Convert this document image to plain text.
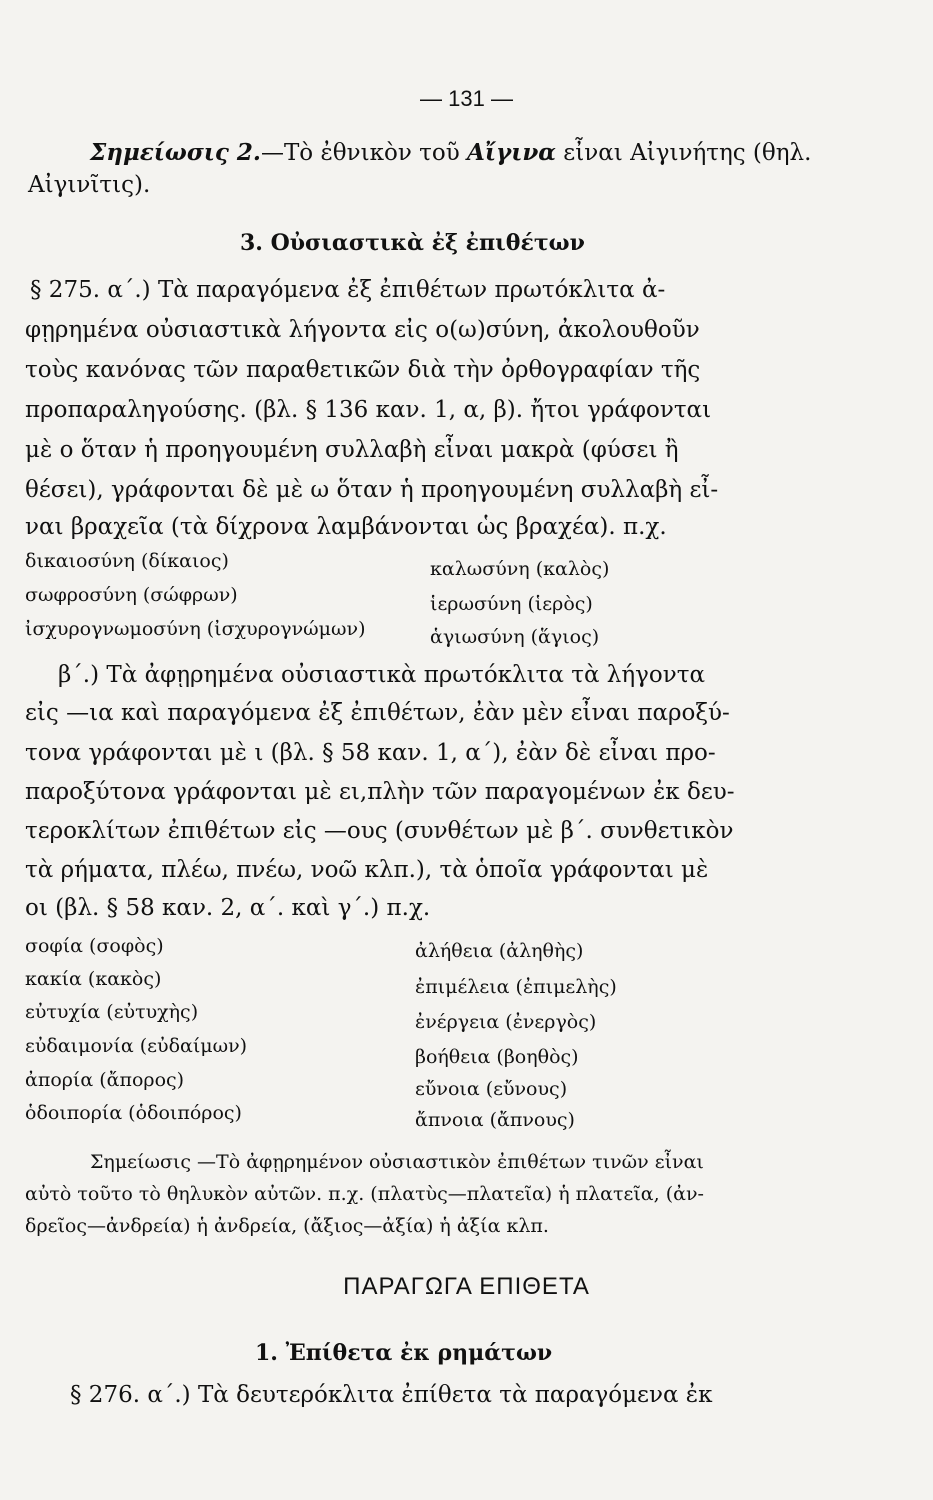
— 131 —
Σημείωσις 2.—Τὸ ἐθνικὸν τοῦ Αἴγινα εἶναι Αἰγινήτης (θηλ.
Αἰγινῖτις).
3. Οὐσιαστικὰ ἐξ ἐπιθέτων
§ 275. α΄.) Τὰ παραγόμενα ἐξ ἐπιθέτων πρωτόκλιτα ἀ-
φῃρημένα οὐσιαστικὰ λήγοντα εἰς ο(ω)σύνη, ἀκολουθοῦν
τοὺς κανόνας τῶν παραθετικῶν διὰ τὴν ὀρθογραφίαν τῆς
προπαραληγούσης. (βλ. § 136 καν. 1, α, β). ἤτοι γράφονται
μὲ ο ὅταν ἡ προηγουμένη συλλαβὴ εἶναι μακρὰ (φύσει ἢ
θέσει), γράφονται δὲ μὲ ω ὅταν ἡ προηγουμένη συλλαβὴ εἶ-
ναι βραχεῖα (τὰ δίχρονα λαμβάνονται ὡς βραχέα). π.χ.
δικαιοσύνη (δίκαιος)
σωφροσύνη (σώφρων)
ἰσχυρογνωμοσύνη (ἰσχυρογνώμων)
καλωσύνη (καλὸς)
ἱερωσύνη (ἱερὸς)
ἁγιωσύνη (ἅγιος)
β΄.) Τὰ ἀφῃρημένα οὐσιαστικὰ πρωτόκλιτα τὰ λήγοντα
εἰς —ια καὶ παραγόμενα ἐξ ἐπιθέτων, ἐὰν μὲν εἶναι παροξύ-
τονα γράφονται μὲ ι (βλ. § 58 καν. 1, α΄), ἐὰν δὲ εἶναι προ-
παροξύτονα γράφονται μὲ ει,πλὴν τῶν παραγομένων ἐκ δευ-
τεροκλίτων ἐπιθέτων εἰς —ους (συνθέτων μὲ β΄. συνθετικὸν
τὰ ρήματα, πλέω, πνέω, νοῶ κλπ.), τὰ ὁποῖα γράφονται μὲ
οι (βλ. § 58 καν. 2, α΄. καὶ γ΄.) π.χ.
σοφία (σοφὸς)
κακία (κακὸς)
εὐτυχία (εὐτυχὴς)
εὐδαιμονία (εὐδαίμων)
ἀπορία (ἄπορος)
ὁδοιπορία (ὁδοιπόρος)
ἀλήθεια (ἀληθὴς)
ἐπιμέλεια (ἐπιμελὴς)
ἐνέργεια (ἐνεργὸς)
βοήθεια (βοηθὸς)
εὔνοια (εὔνους)
ἄπνοια (ἄπνους)
Σημείωσις —Τὸ ἀφῃρημένον οὐσιαστικὸν ἐπιθέτων τινῶν εἶναι
αὐτὸ τοῦτο τὸ θηλυκὸν αὐτῶν. π.χ. (πλατὺς—πλατεῖα) ἡ πλατεῖα, (ἀν-
δρεῖος—ἀνδρεία) ἡ ἀνδρεία, (ἄξιος—ἀξία) ἡ ἀξία κλπ.
ΠΑΡΑΓΩΓΑ ΕΠΙΘΕΤΑ
1. Ἐπίθετα ἐκ ρημάτων
§ 276. α΄.) Τὰ δευτερόκλιτα ἐπίθετα τὰ παραγόμενα ἐκ
